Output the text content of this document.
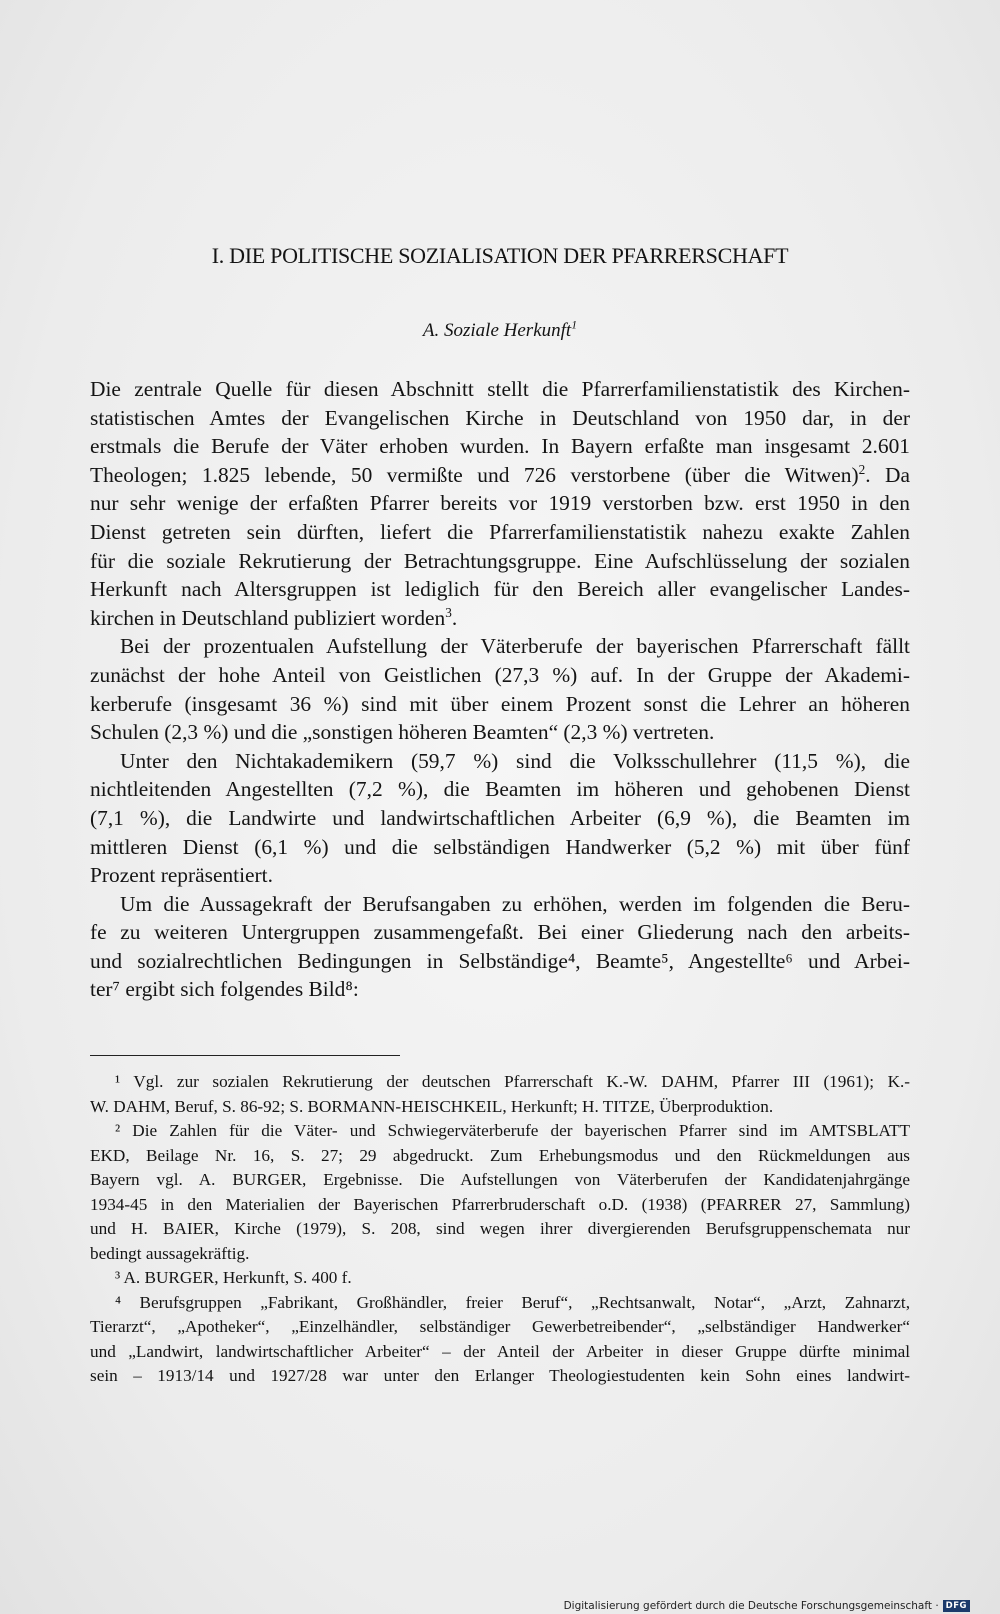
I. DIE POLITISCHE SOZIALISATION DER PFARRERSCHAFT
A. Soziale Herkunft$^1$
Die zentrale Quelle für diesen Abschnitt stellt die Pfarrerfamilienstatistik des Kirchen-
statistischen Amtes der Evangelischen Kirche in Deutschland von 1950 dar, in der
erstmals die Berufe der Väter erhoben wurden. In Bayern erfaßte man insgesamt 2.601
Theologen; 1.825 lebende, 50 vermißte und 726 verstorbene (über die Witwen)$^2$. Da
nur sehr wenige der erfaßten Pfarrer bereits vor 1919 verstorben bzw. erst 1950 in den
Dienst getreten sein dürften, liefert die Pfarrerfamilienstatistik nahezu exakte Zahlen
für die soziale Rekrutierung der Betrachtungsgruppe. Eine Aufschlüsselung der sozialen
Herkunft nach Altersgruppen ist lediglich für den Bereich aller evangelischer Landes-
kirchen in Deutschland publiziert worden$^3$.
Bei der prozentualen Aufstellung der Väterberufe der bayerischen Pfarrerschaft fällt
zunächst der hohe Anteil von Geistlichen (27,3 %) auf. In der Gruppe der Akademi-
kerberufe (insgesamt 36 %) sind mit über einem Prozent sonst die Lehrer an höheren
Schulen (2,3 %) und die „sonstigen höheren Beamten“ (2,3 %) vertreten.
Unter den Nichtakademikern (59,7 %) sind die Volksschullehrer (11,5 %), die
nichtleitenden Angestellten (7,2 %), die Beamten im höheren und gehobenen Dienst
(7,1 %), die Landwirte und landwirtschaftlichen Arbeiter (6,9 %), die Beamten im
mittleren Dienst (6,1 %) und die selbständigen Handwerker (5,2 %) mit über fünf
Prozent repräsentiert.
Um die Aussagekraft der Berufsangaben zu erhöhen, werden im folgenden die Beru-
fe zu weiteren Untergruppen zusammengefaßt. Bei einer Gliederung nach den arbeits-
und sozialrechtlichen Bedingungen in Selbständige⁴, Beamte⁵, Angestellte⁶ und Arbei-
ter⁷ ergibt sich folgendes Bild⁸:
¹ Vgl. zur sozialen Rekrutierung der deutschen Pfarrerschaft K.-W. DAHM, Pfarrer III (1961); K.-
W. DAHM, Beruf, S. 86-92; S. BORMANN-HEISCHKEIL, Herkunft; H. TITZE, Überproduktion.
² Die Zahlen für die Väter- und Schwiegerväterberufe der bayerischen Pfarrer sind im AMTSBLATT
EKD, Beilage Nr. 16, S. 27; 29 abgedruckt. Zum Erhebungsmodus und den Rückmeldungen aus
Bayern vgl. A. BURGER, Ergebnisse. Die Aufstellungen von Väterberufen der Kandidatenjahrgänge
1934-45 in den Materialien der Bayerischen Pfarrerbruderschaft o.D. (1938) (PFARRER 27, Sammlung)
und H. BAIER, Kirche (1979), S. 208, sind wegen ihrer divergierenden Berufsgruppenschemata nur
bedingt aussagekräftig.
³ A. BURGER, Herkunft, S. 400 f.
⁴ Berufsgruppen „Fabrikant, Großhändler, freier Beruf“, „Rechtsanwalt, Notar“, „Arzt, Zahnarzt,
Tierarzt“, „Apotheker“, „Einzelhändler, selbständiger Gewerbetreibender“, „selbständiger Handwerker“
und „Landwirt, landwirtschaftlicher Arbeiter“ – der Anteil der Arbeiter in dieser Gruppe dürfte minimal
sein – 1913/14 und 1927/28 war unter den Erlanger Theologiestudenten kein Sohn eines landwirt-
Digitalisierung gefördert durch die Deutsche Forschungsgemeinschaft · DFG
